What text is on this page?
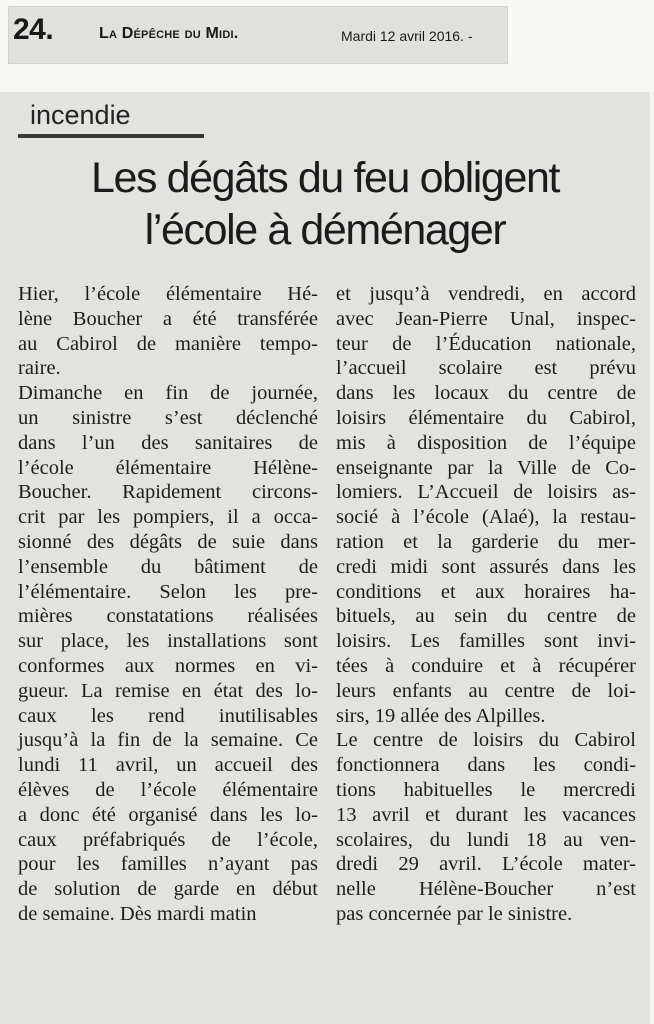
24.	La Dépêche du Midi.	Mardi 12 avril 2016. -
incendie
Les dégâts du feu obligent
l’école à déménager
Hier, l’école élémentaire Hé-
lène Boucher a été transférée
au Cabirol de manière tempo-
raire.
Dimanche en fin de journée,
un sinistre s’est déclenché
dans l’un des sanitaires de
l’école élémentaire Hélène-
Boucher. Rapidement circons-
crit par les pompiers, il a occa-
sionné des dégâts de suie dans
l’ensemble du bâtiment de
l’élémentaire. Selon les pre-
mières constatations réalisées
sur place, les installations sont
conformes aux normes en vi-
gueur. La remise en état des lo-
caux les rend inutilisables
jusqu’à la fin de la semaine. Ce
lundi 11 avril, un accueil des
élèves de l’école élémentaire
a donc été organisé dans les lo-
caux préfabriqués de l’école,
pour les familles n’ayant pas
de solution de garde en début
de semaine. Dès mardi matin
et jusqu’à vendredi, en accord
avec Jean-Pierre Unal, inspec-
teur de l’Éducation nationale,
l’accueil scolaire est prévu
dans les locaux du centre de
loisirs élémentaire du Cabirol,
mis à disposition de l’équipe
enseignante par la Ville de Co-
lomiers. L’Accueil de loisirs as-
socié à l’école (Alaé), la restau-
ration et la garderie du mer-
credi midi sont assurés dans les
conditions et aux horaires ha-
bituels, au sein du centre de
loisirs. Les familles sont invi-
tées à conduire et à récupérer
leurs enfants au centre de loi-
sirs, 19 allée des Alpilles.
Le centre de loisirs du Cabirol
fonctionnera dans les condi-
tions habituelles le mercredi
13 avril et durant les vacances
scolaires, du lundi 18 au ven-
dredi 29 avril. L’école mater-
nelle Hélène-Boucher n’est
pas concernée par le sinistre.
